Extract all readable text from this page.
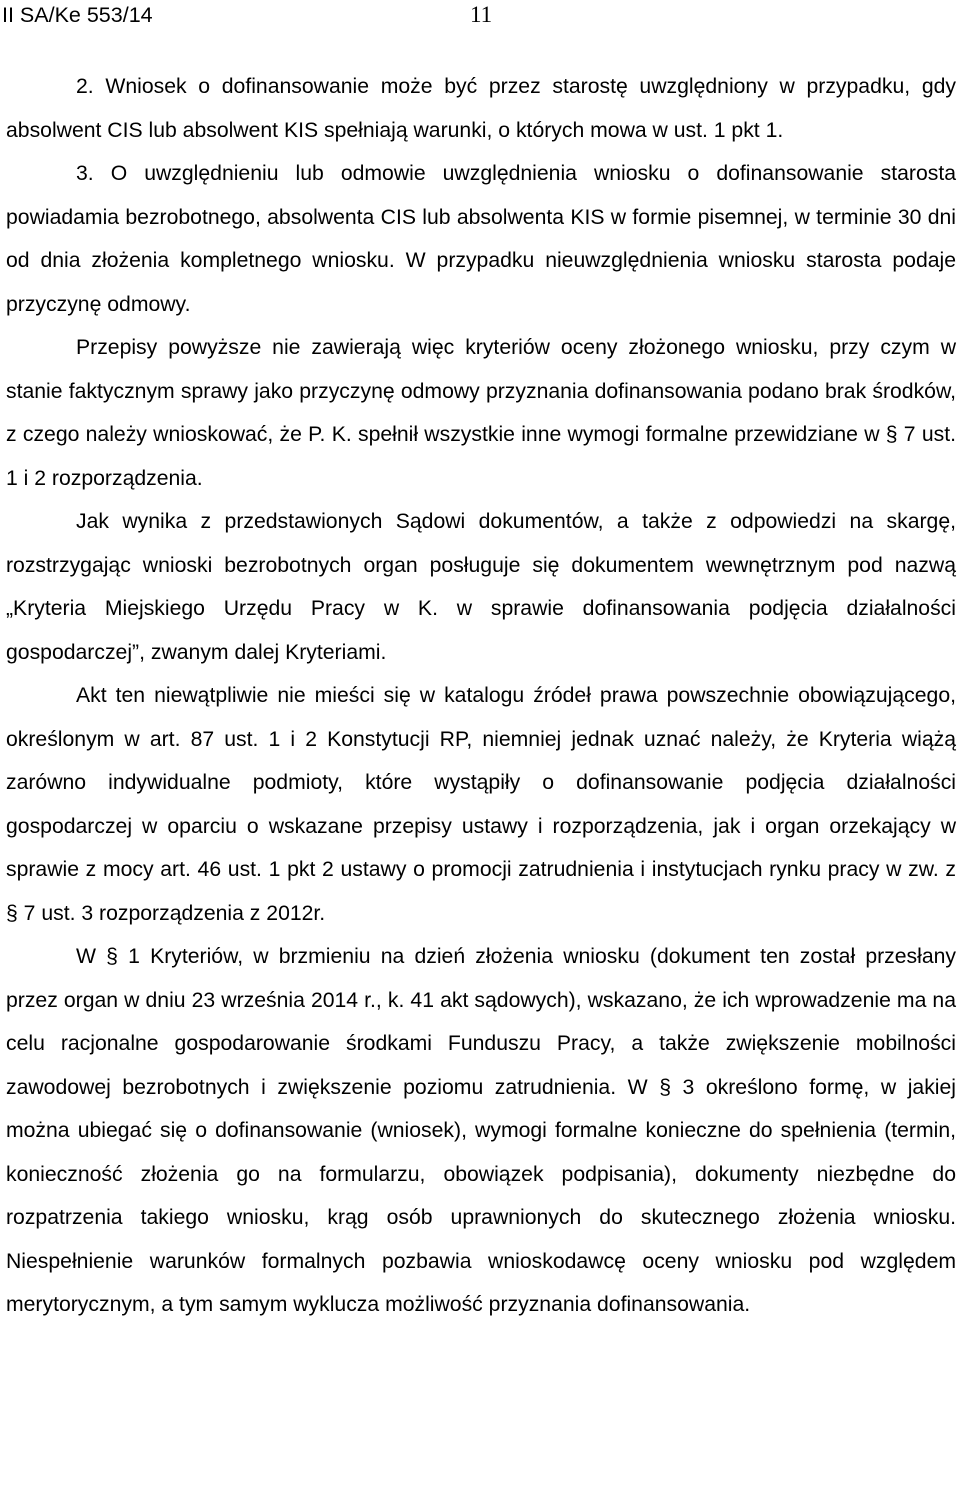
II SA/Ke 553/14	11

2. Wniosek o dofinansowanie może być przez starostę uwzględniony w przypadku, gdy absolwent CIS lub absolwent KIS spełniają warunki, o których mowa w ust. 1 pkt 1.

3. O uwzględnieniu lub odmowie uwzględnienia wniosku o dofinansowanie starosta powiadamia bezrobotnego, absolwenta CIS lub absolwenta KIS w formie pisemnej, w terminie 30 dni od dnia złożenia kompletnego wniosku. W przypadku nieuwzględnienia wniosku starosta podaje przyczynę odmowy.

Przepisy powyższe nie zawierają więc kryteriów oceny złożonego wniosku, przy czym w stanie faktycznym sprawy jako przyczynę odmowy przyznania dofinansowania podano brak środków, z czego należy wnioskować, że P. K. spełnił wszystkie inne wymogi formalne przewidziane w § 7 ust. 1 i 2 rozporządzenia.

Jak wynika z przedstawionych Sądowi dokumentów, a także z odpowiedzi na skargę, rozstrzygając wnioski bezrobotnych organ posługuje się dokumentem wewnętrznym pod nazwą „Kryteria Miejskiego Urzędu Pracy w K. w sprawie dofinansowania podjęcia działalności gospodarczej”, zwanym dalej Kryteriami.

Akt ten niewątpliwie nie mieści się w katalogu źródeł prawa powszechnie obowiązującego, określonym w art. 87 ust. 1 i 2 Konstytucji RP, niemniej jednak uznać należy, że Kryteria wiążą zarówno indywidualne podmioty, które wystąpiły o dofinansowanie podjęcia działalności gospodarczej w oparciu o wskazane przepisy ustawy i rozporządzenia, jak i organ orzekający w sprawie z mocy art. 46 ust. 1 pkt 2 ustawy o promocji zatrudnienia i instytucjach rynku pracy w zw. z § 7 ust. 3 rozporządzenia z 2012r.

W § 1 Kryteriów, w brzmieniu na dzień złożenia wniosku (dokument ten został przesłany przez organ w dniu 23 września 2014 r., k. 41 akt sądowych), wskazano, że ich wprowadzenie ma na celu racjonalne gospodarowanie środkami Funduszu Pracy, a także zwiększenie mobilności zawodowej bezrobotnych i zwiększenie poziomu zatrudnienia. W § 3 określono formę, w jakiej można ubiegać się o dofinansowanie (wniosek), wymogi formalne konieczne do spełnienia (termin, konieczność złożenia go na formularzu, obowiązek podpisania), dokumenty niezbędne do rozpatrzenia takiego wniosku, krąg osób uprawnionych do skutecznego złożenia wniosku. Niespełnienie warunków formalnych pozbawia wnioskodawcę oceny wniosku pod względem merytorycznym, a tym samym wyklucza możliwość przyznania dofinansowania.
